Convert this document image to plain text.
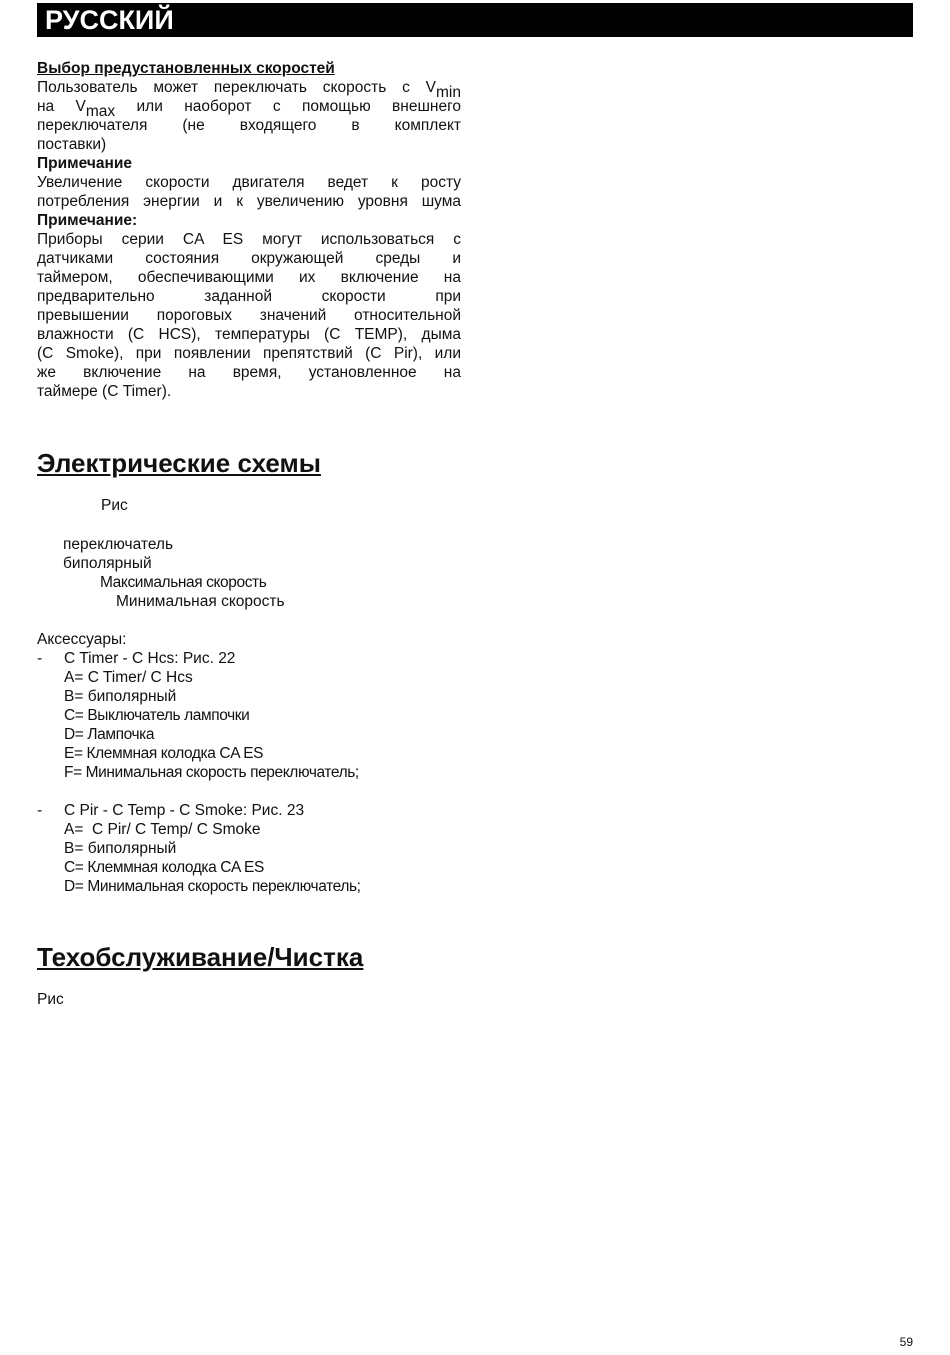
РУССКИЙ
Выбор предустановленных скоростей
Пользователь может переключать скорость с $V_{min}$
на $V_{max}$ или наоборот с помощью внешнего
переключателя (не входящего в комплект
поставки)
Примечание
Увеличение скорости двигателя ведет к росту
потребления энергии и к увеличению уровня шума
Примечание:
Приборы серии CA ES могут использоваться с
датчиками состояния окружающей среды и
таймером, обеспечивающими их включение на
предварительно заданной скорости при
превышении пороговых значений относительной
влажности (С HCS), температуры (С TEMP), дыма
(С Smoke), при появлении препятствий (C Pir), или
же включение на время, установленное на
таймере (С Timer).
Электрические схемы
Рис
переключатель
биполярный
Максимальная скорость
Минимальная скорость
Аксессуары:
- C Timer - C Hcs: Рис. 22
A= C Timer/ C Hcs
B= биполярный
C= Выключатель лампочки
D= Лампочка
E= Клеммная колодка CA ES
F= Минимальная скорость переключатель;
- C Pir - C Temp - C Smoke: Рис. 23
A=  C Pir/ C Temp/ C Smoke
B= биполярный
C= Клеммная колодка CA ES
D= Минимальная скорость переключатель;
Техобслуживание/Чистка
Рис
59
